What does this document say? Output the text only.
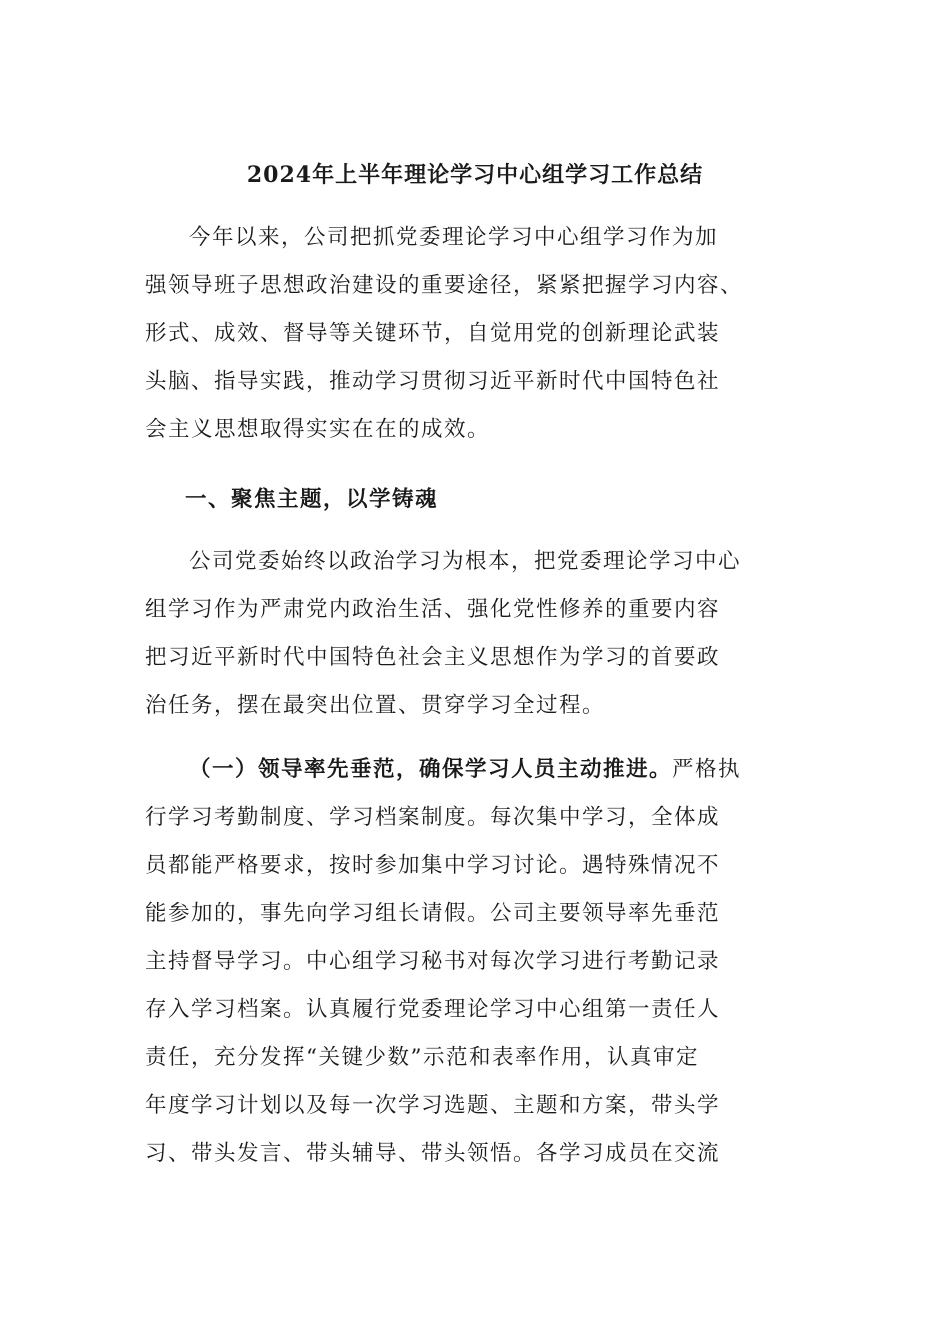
2024年上半年理论学习中心组学习工作总结
今年以来，公司把抓党委理论学习中心组学习作为加
强领导班子思想政治建设的重要途径，紧紧把握学习内容、
形式、成效、督导等关键环节，自觉用党的创新理论武装
头脑、指导实践，推动学习贯彻习近平新时代中国特色社
会主义思想取得实实在在的成效。
一、聚焦主题，以学铸魂
公司党委始终以政治学习为根本，把党委理论学习中心
组学习作为严肃党内政治生活、强化党性修养的重要内容
把习近平新时代中国特色社会主义思想作为学习的首要政
治任务，摆在最突出位置、贯穿学习全过程。
（一）领导率先垂范，确保学习人员主动推进。严格执
行学习考勤制度、学习档案制度。每次集中学习，全体成
员都能严格要求，按时参加集中学习讨论。遇特殊情况不
能参加的，事先向学习组长请假。公司主要领导率先垂范
主持督导学习。中心组学习秘书对每次学习进行考勤记录
存入学习档案。认真履行党委理论学习中心组第一责任人
责任，充分发挥“关键少数”示范和表率作用，认真审定
年度学习计划以及每一次学习选题、主题和方案，带头学
习、带头发言、带头辅导、带头领悟。各学习成员在交流
